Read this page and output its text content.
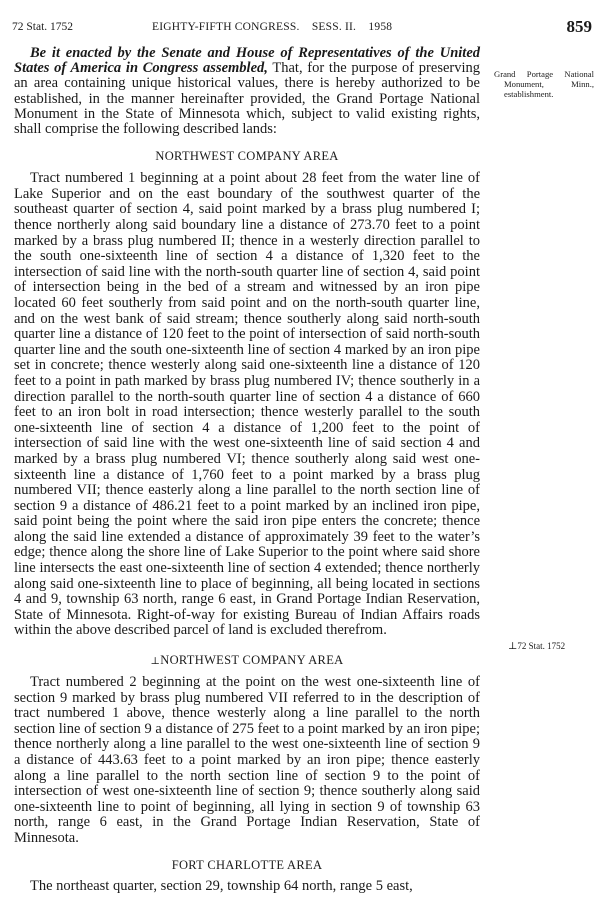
72 Stat. 1752	EIGHTY-FIFTH CONGRESS.    SESS. II.    1958	859
Grand Portage National Monument, Minn., establishment.
⊥72 Stat. 1752

Be it enacted by the Senate and House of Representatives of the United States of America in Congress assembled, That, for the purpose of preserving an area containing unique historical values, there is hereby authorized to be established, in the manner hereinafter provided, the Grand Portage National Monument in the State of Minnesota which, subject to valid existing rights, shall comprise the following described lands:

NORTHWEST COMPANY AREA

Tract numbered 1 beginning at a point about 28 feet from the water line of Lake Superior and on the east boundary of the southwest quarter of the southeast quarter of section 4, said point marked by a brass plug numbered I; thence northerly along said boundary line a distance of 273.70 feet to a point marked by a brass plug numbered II; thence in a westerly direction parallel to the south one-sixteenth line of section 4 a distance of 1,320 feet to the intersection of said line with the north-south quarter line of section 4, said point of intersection being in the bed of a stream and witnessed by an iron pipe located 60 feet southerly from said point and on the north-south quarter line, and on the west bank of said stream; thence southerly along said north-south quarter line a distance of 120 feet to the point of intersection of said north-south quarter line and the south one-sixteenth line of section 4 marked by an iron pipe set in concrete; thence westerly along said one-sixteenth line a distance of 120 feet to a point in path marked by brass plug numbered IV; thence southerly in a direction parallel to the north-south quarter line of section 4 a distance of 660 feet to an iron bolt in road intersection; thence westerly parallel to the south one-sixteenth line of section 4 a distance of 1,200 feet to the point of intersection of said line with the west one-sixteenth line of said section 4 and marked by a brass plug numbered VI; thence southerly along said west one-sixteenth line a distance of 1,760 feet to a point marked by a brass plug numbered VII; thence easterly along a line parallel to the north section line of section 9 a distance of 486.21 feet to a point marked by an inclined iron pipe, said point being the point where the said iron pipe enters the concrete; thence along the said line extended a distance of approximately 39 feet to the water’s edge; thence along the shore line of Lake Superior to the point where said shore line intersects the east one-sixteenth line of section 4 extended; thence northerly along said one-sixteenth line to place of beginning, all being located in sections 4 and 9, township 63 north, range 6 east, in Grand Portage Indian Reservation, State of Minnesota. Right-of-way for existing Bureau of Indian Affairs roads within the above described parcel of land is excluded therefrom.

⊥NORTHWEST COMPANY AREA

Tract numbered 2 beginning at the point on the west one-sixteenth line of section 9 marked by brass plug numbered VII referred to in the description of tract numbered 1 above, thence westerly along a line parallel to the north section line of section 9 a distance of 275 feet to a point marked by an iron pipe; thence northerly along a line parallel to the west one-sixteenth line of section 9 a distance of 443.63 feet to a point marked by an iron pipe; thence easterly along a line parallel to the north section line of section 9 to the point of intersection of west one-sixteenth line of section 9; thence southerly along said one-sixteenth line to point of beginning, all lying in section 9 of township 63 north, range 6 east, in the Grand Portage Indian Reservation, State of Minnesota.

FORT CHARLOTTE AREA

The northeast quarter, section 29, township 64 north, range 5 east,
